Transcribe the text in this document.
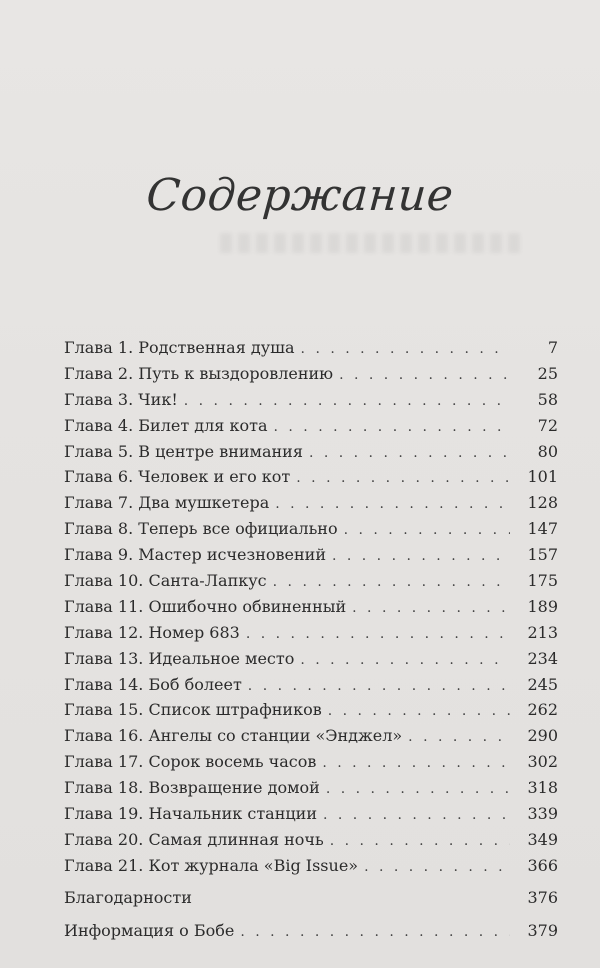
Содержание
Глава 1. Родственная душа . . .	7
Глава 2. Путь к выздоровлению . . .	25
Глава 3. Чик! . . .	58
Глава 4. Билет для кота . . .	72
Глава 5. В центре внимания . . .	80
Глава 6. Человек и его кот . . .	101
Глава 7. Два мушкетера . . .	128
Глава 8. Теперь все официально . . .	147
Глава 9. Мастер исчезновений . . .	157
Глава 10. Санта-Лапкус . . .	175
Глава 11. Ошибочно обвиненный . . .	189
Глава 12. Номер 683 . . .	213
Глава 13. Идеальное место . . .	234
Глава 14. Боб болеет . . .	245
Глава 15. Список штрафников . . .	262
Глава 16. Ангелы со станции «Энджел» . . .	290
Глава 17. Сорок восемь часов . . .	302
Глава 18. Возвращение домой . . .	318
Глава 19. Начальник станции . . .	339
Глава 20. Самая длинная ночь . . .	349
Глава 21. Кот журнала «Big Issue» . . .	366
Благодарности	376
Информация о Бобе . . .	379
